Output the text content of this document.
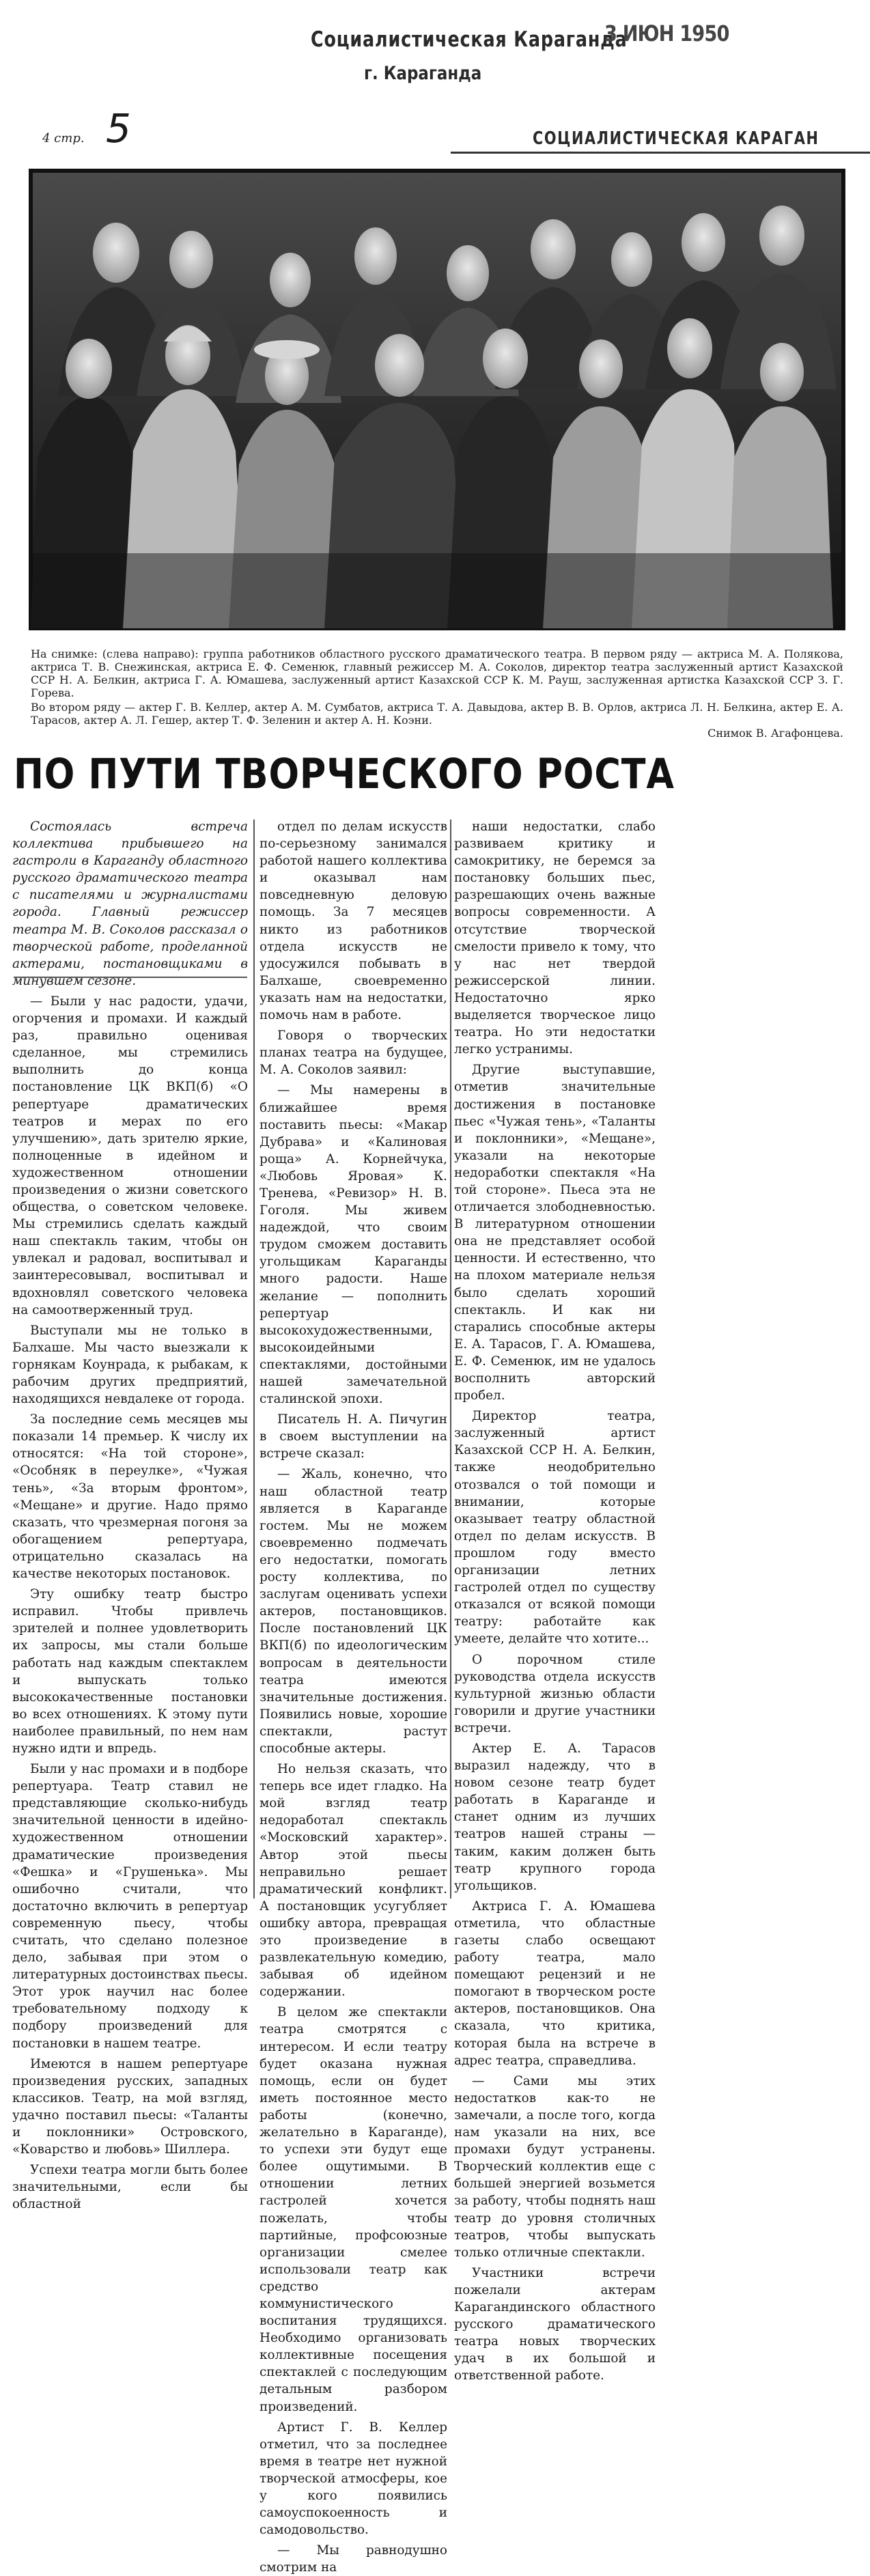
Социалистическая Караганда
г. Караганда
3 ИЮН 1950
4 стр. 5	СОЦИАЛИСТИЧЕСКАЯ КАРАГАН

На снимке: (слева направо): группа работников областного русского драматического театра. В первом ряду — актриса М. А. Полякова, актриса Т. В. Снежинская, актриса Е. Ф. Семенюк, главный режиссер М. А. Соколов, директор театра заслуженный артист Казахской ССР Н. А. Белкин, актриса Г. А. Юмашева, заслуженный артист Казахской ССР К. М. Рауш, заслуженная артистка Казахской ССР З. Г. Горева.

Во втором ряду — актер Г. В. Келлер, актер А. М. Сумбатов, актриса Т. А. Давыдова, актер В. В. Орлов, актриса Л. Н. Белкина, актер Е. А. Тарасов, актер А. Л. Гешер, актер Т. Ф. Зеленин и актер А. Н. Коэни.

Снимок В. Агафонцева.
ПО ПУТИ ТВОРЧЕСКОГО РОСТА

Состоялась встреча коллектива прибывшего на гастроли в Караганду областного русского драматического театра с писателями и журналистами города. Главный режиссер театра М. В. Соколов рассказал о творческой работе, проделанной актерами, постановщиками в минувшем сезоне.

— Были у нас радости, удачи, огорчения и промахи. И каждый раз, правильно оценивая сделанное, мы стремились выполнить до конца постановление ЦК ВКП(б) «О репертуаре драматических театров и мерах по его улучшению», дать зрителю яркие, полноценные в идейном и художественном отношении произведения о жизни советского общества, о советском человеке. Мы стремились сделать каждый наш спектакль таким, чтобы он увлекал и радовал, воспитывал и заинтересовывал, воспитывал и вдохновлял советского человека на самоотверженный труд.

Выступали мы не только в Балхаше. Мы часто выезжали к горнякам Коунрада, к рыбакам, к рабочим других предприятий, находящихся невдалеке от города.

За последние семь месяцев мы показали 14 премьер. К числу их относятся: «На той стороне», «Особняк в переулке», «Чужая тень», «За вторым фронтом», «Мещане» и другие. Надо прямо сказать, что чрезмерная погоня за обогащением репертуара, отрицательно сказалась на качестве некоторых постановок.

Эту ошибку театр быстро исправил. Чтобы привлечь зрителей и полнее удовлетворить их запросы, мы стали больше работать над каждым спектаклем и выпускать только высококачественные постановки во всех отношениях. К этому пути наиболее правильный, по нем нам нужно идти и впредь.

Были у нас промахи и в подборе репертуара. Театр ставил не представляющие сколько-нибудь значительной ценности в идейно-художественном отношении драматические произведения «Фешка» и «Грушенька». Мы ошибочно считали, что достаточно включить в репертуар современную пьесу, чтобы считать, что сделано полезное дело, забывая при этом о литературных достоинствах пьесы. Этот урок научил нас более требовательному подходу к подбору произведений для постановки в нашем театре.

Имеются в нашем репертуаре произведения русских, западных классиков. Театр, на мой взгляд, удачно поставил пьесы: «Таланты и поклонники» Островского, «Коварство и любовь» Шиллера.

Успехи театра могли быть более значительными, если бы областной

отдел по делам искусств по-серьезному занимался работой нашего коллектива и оказывал нам повседневную деловую помощь. За 7 месяцев никто из работников отдела искусств не удосужился побывать в Балхаше, своевременно указать нам на недостатки, помочь нам в работе.

Говоря о творческих планах театра на будущее, М. А. Соколов заявил:

— Мы намерены в ближайшее время поставить пьесы: «Макар Дубрава» и «Калиновая роща» А. Корнейчука, «Любовь Яровая» К. Тренева, «Ревизор» Н. В. Гоголя. Мы живем надеждой, что своим трудом сможем доставить угольщикам Караганды много радости. Наше желание — пополнить репертуар высокохудожественными, высокоидейными спектаклями, достойными нашей замечательной сталинской эпохи.

Писатель Н. А. Пичугин в своем выступлении на встрече сказал:

— Жаль, конечно, что наш областной театр является в Караганде гостем. Мы не можем своевременно подмечать его недостатки, помогать росту коллектива, по заслугам оценивать успехи актеров, постановщиков. После постановлений ЦК ВКП(б) по идеологическим вопросам в деятельности театра имеются значительные достижения. Появились новые, хорошие спектакли, растут способные актеры.

Но нельзя сказать, что теперь все идет гладко. На мой взгляд театр недоработал спектакль «Московский характер». Автор этой пьесы неправильно решает драматический конфликт. А постановщик усугубляет ошибку автора, превращая это произведение в развлекательную комедию, забывая об идейном содержании.

В целом же спектакли театра смотрятся с интересом. И если театру будет оказана нужная помощь, если он будет иметь постоянное место работы (конечно, желательно в Караганде), то успехи эти будут еще более ощутимыми. В отношении летних гастролей хочется пожелать, чтобы партийные, профсоюзные организации смелее использовали театр как средство коммунистического воспитания трудящихся. Необходимо организовать коллективные посещения спектаклей с последующим детальным разбором произведений.

Артист Г. В. Келлер отметил, что за последнее время в театре нет нужной творческой атмосферы, кое у кого появились самоуспокоенность и самодовольство.

— Мы равнодушно смотрим на

наши недостатки, слабо развиваем критику и самокритику, не беремся за постановку больших пьес, разрешающих очень важные вопросы современности. А отсутствие творческой смелости привело к тому, что у нас нет твердой режиссерской линии. Недостаточно ярко выделяется творческое лицо театра. Но эти недостатки легко устранимы.

Другие выступавшие, отметив значительные достижения в постановке пьес «Чужая тень», «Таланты и поклонники», «Мещане», указали на некоторые недоработки спектакля «На той стороне». Пьеса эта не отличается злободневностью. В литературном отношении она не представляет особой ценности. И естественно, что на плохом материале нельзя было сделать хороший спектакль. И как ни старались способные актеры Е. А. Тарасов, Г. А. Юмашева, Е. Ф. Семенюк, им не удалось восполнить авторский пробел.

Директор театра, заслуженный артист Казахской ССР Н. А. Белкин, также неодобрительно отозвался о той помощи и внимании, которые оказывает театру областной отдел по делам искусств. В прошлом году вместо организации летних гастролей отдел по существу отказался от всякой помощи театру: работайте как умеете, делайте что хотите...

О порочном стиле руководства отдела искусств культурной жизнью области говорили и другие участники встречи.

Актер Е. А. Тарасов выразил надежду, что в новом сезоне театр будет работать в Караганде и станет одним из лучших театров нашей страны — таким, каким должен быть театр крупного города угольщиков.

Актриса Г. А. Юмашева отметила, что областные газеты слабо освещают работу театра, мало помещают рецензий и не помогают в творческом росте актеров, постановщиков. Она сказала, что критика, которая была на встрече в адрес театра, справедлива.

— Сами мы этих недостатков как-то не замечали, а после того, когда нам указали на них, все промахи будут устранены. Творческий коллектив еще с большей энергией возьмется за работу, чтобы поднять наш театр до уровня столичных театров, чтобы выпускать только отличные спектакли.

Участники встречи пожелали актерам Карагандинского областного русского драматического театра новых творческих удач в их большой и ответственной работе.
